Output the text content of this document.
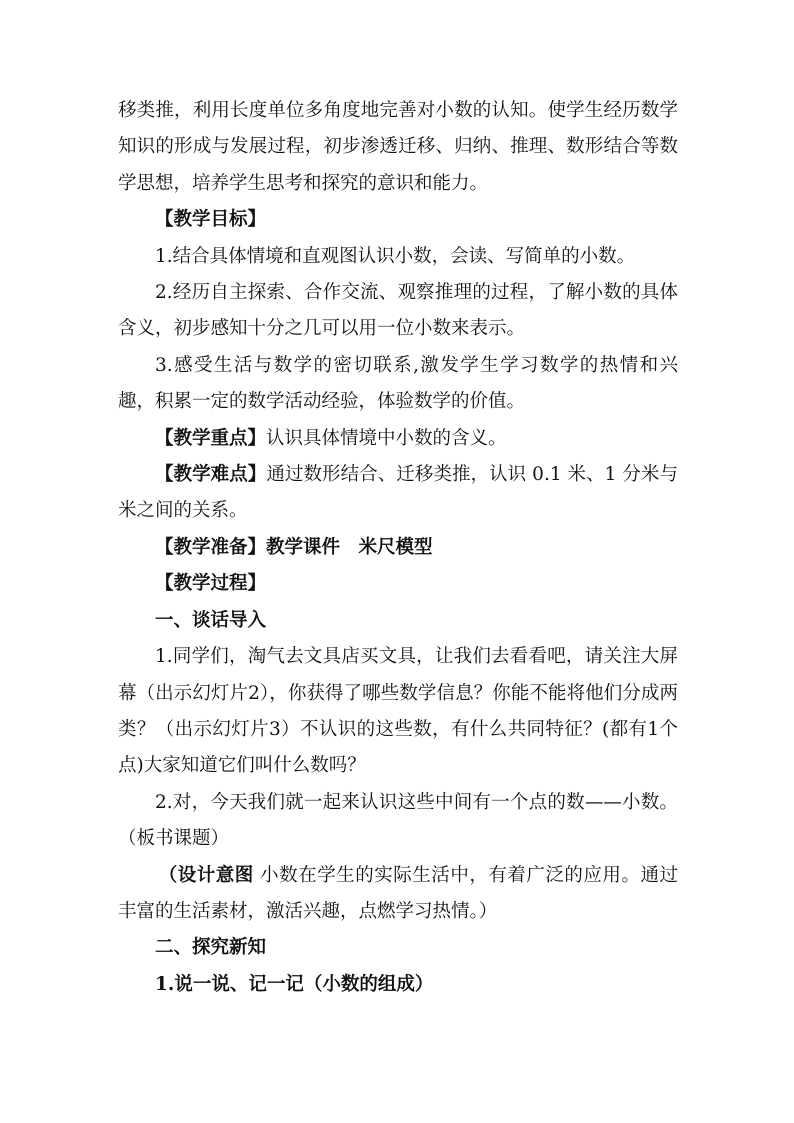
移类推，利用长度单位多角度地完善对小数的认知。使学生经历数学知识的形成与发展过程，初步渗透迁移、归纳、推理、数形结合等数学思想，培养学生思考和探究的意识和能力。

【教学目标】

1.结合具体情境和直观图认识小数，会读、写简单的小数。

2.经历自主探索、合作交流、观察推理的过程，了解小数的具体含义，初步感知十分之几可以用一位小数来表示。

3.感受生活与数学的密切联系,激发学生学习数学的热情和兴趣，积累一定的数学活动经验，体验数学的价值。

【教学重点】认识具体情境中小数的含义。

【教学难点】通过数形结合、迁移类推，认识 0.1 米、1 分米与米之间的关系。

【教学准备】教学课件　米尺模型

【教学过程】

一、谈话导入

1.同学们，淘气去文具店买文具，让我们去看看吧，请关注大屏幕（出示幻灯片2），你获得了哪些数学信息？你能不能将他们分成两类？（出示幻灯片3）不认识的这些数，有什么共同特征？(都有1个点)大家知道它们叫什么数吗？

2.对，今天我们就一起来认识这些中间有一个点的数——小数。（板书课题）

（设计意图 小数在学生的实际生活中，有着广泛的应用。通过丰富的生活素材，激活兴趣，点燃学习热情。）

二、探究新知

1.说一说、记一记（小数的组成）
